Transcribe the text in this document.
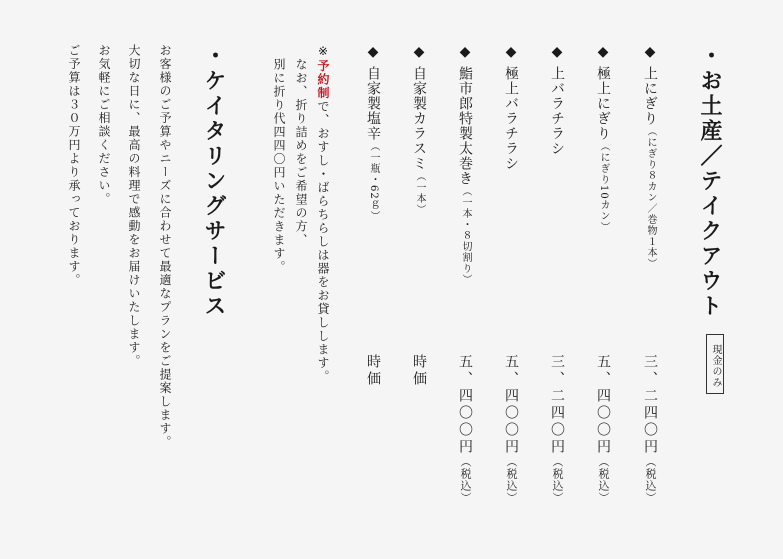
・お土産／テイクアウト
現金のみ
◆上にぎり（にぎり８カン／巻物１本）
三、二四〇円（税込）
◆極上にぎり（にぎり10カン）
五、四〇〇円（税込）
◆上バラチラシ
三、二四〇円（税込）
◆極上バラチラシ
五、四〇〇円（税込）
◆鮨市郎特製太巻き（一本・８切割り）
五、四〇〇円（税込）
◆自家製カラスミ（一本）
時価
◆自家製塩辛（一瓶・62ｇ）
時価
※予約制で、おすし・ばらちらしは器をお貸しします。
なお、折り詰めをご希望の方、
別に折り代四四〇円いただきます。
・ケイタリングサービス
お客様のご予算やニーズに合わせて最適なプランをご提案します。
大切な日に、最高の料理で感動をお届けいたします。
お気軽にご相談ください。
ご予算は３０万円より承っております。
